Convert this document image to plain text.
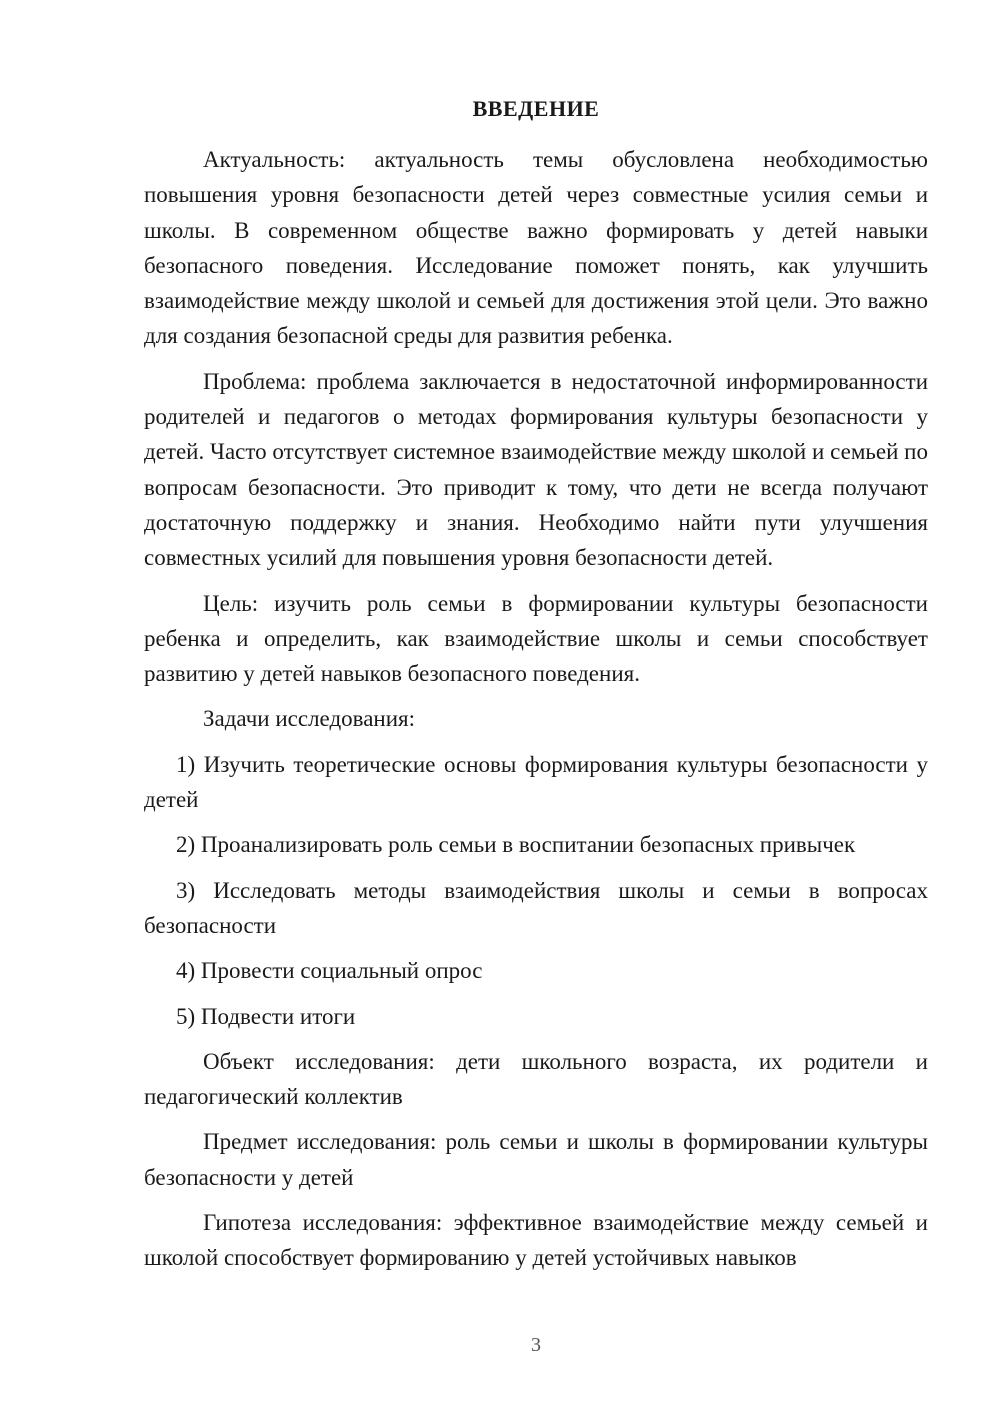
ВВЕДЕНИЕ

Актуальность: актуальность темы обусловлена необходимостью повышения уровня безопасности детей через совместные усилия семьи и школы. В современном обществе важно формировать у детей навыки безопасного поведения. Исследование поможет понять, как улучшить взаимодействие между школой и семьей для достижения этой цели. Это важно для создания безопасной среды для развития ребенка.

Проблема: проблема заключается в недостаточной информированности родителей и педагогов о методах формирования культуры безопасности у детей. Часто отсутствует системное взаимодействие между школой и семьей по вопросам безопасности. Это приводит к тому, что дети не всегда получают достаточную поддержку и знания. Необходимо найти пути улучшения совместных усилий для повышения уровня безопасности детей.

Цель: изучить роль семьи в формировании культуры безопасности ребенка и определить, как взаимодействие школы и семьи способствует развитию у детей навыков безопасного поведения.

Задачи исследования:

1) Изучить теоретические основы формирования культуры безопасности у детей

2) Проанализировать роль семьи в воспитании безопасных привычек

3) Исследовать методы взаимодействия школы и семьи в вопросах безопасности

4) Провести социальный опрос

5) Подвести итоги

Объект исследования: дети школьного возраста, их родители и педагогический коллектив

Предмет исследования: роль семьи и школы в формировании культуры безопасности у детей

Гипотеза исследования: эффективное взаимодействие между семьей и школой способствует формированию у детей устойчивых навыков

3
